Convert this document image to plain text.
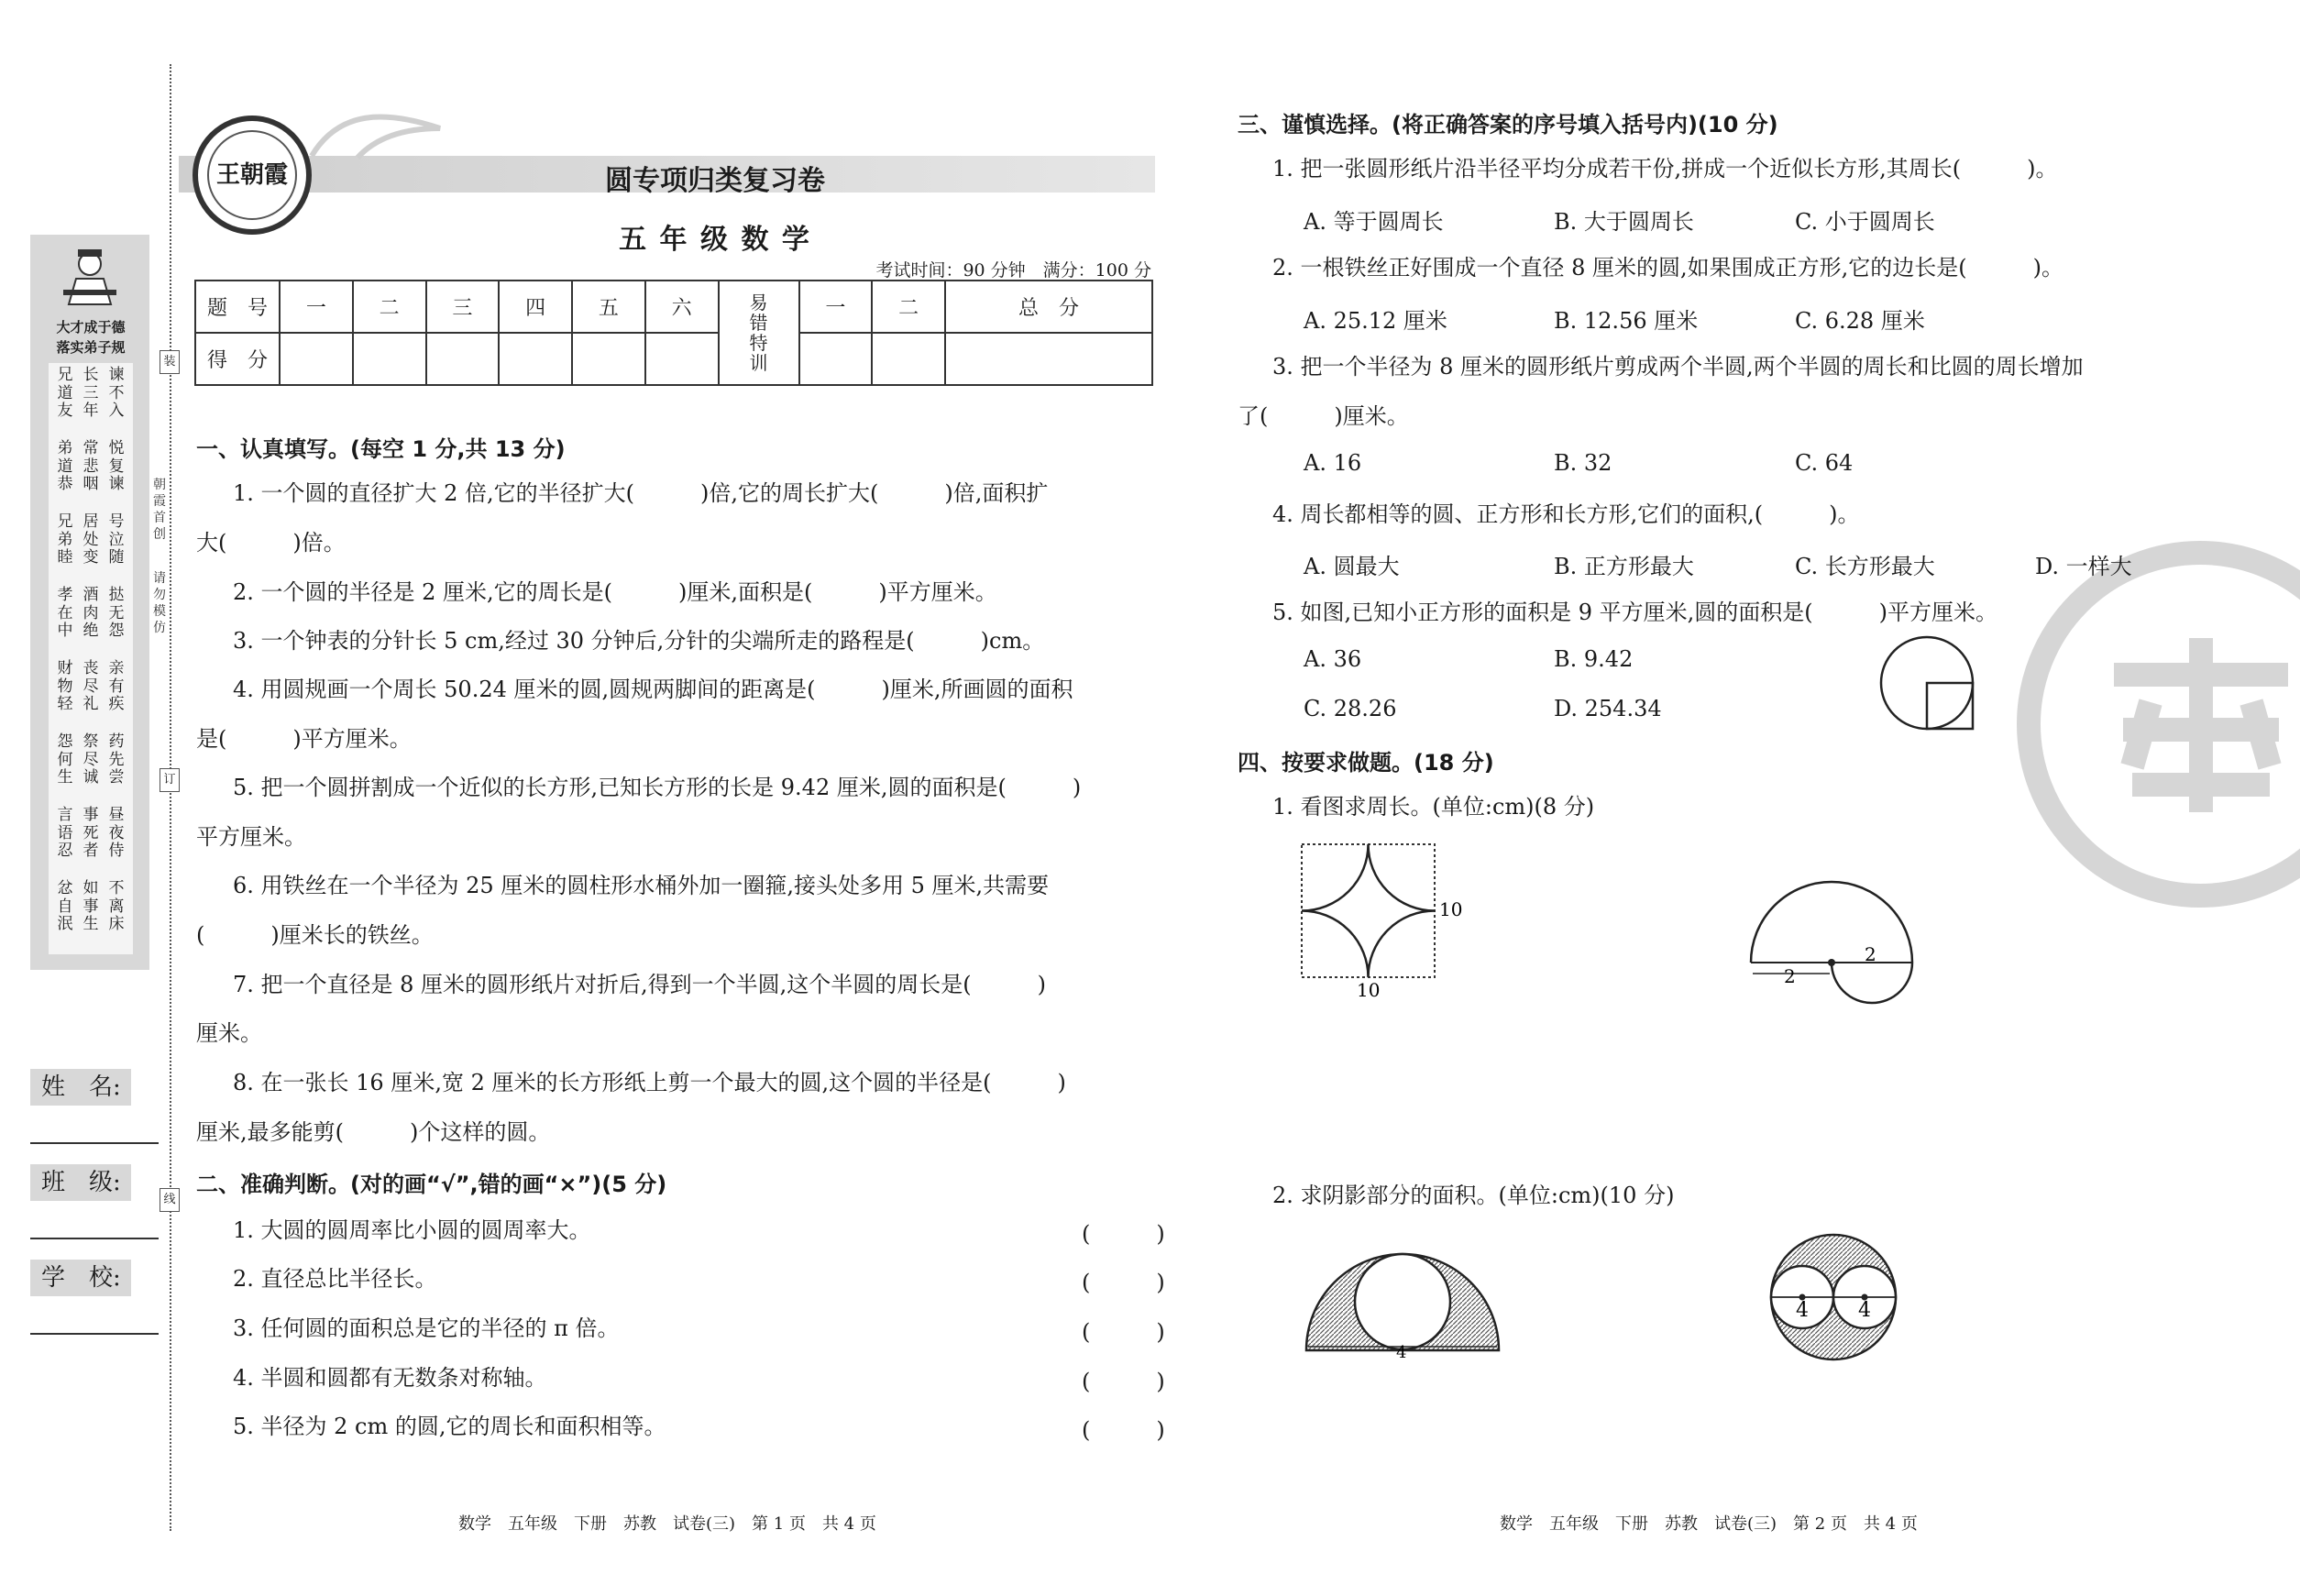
大才成于德
落实弟子规
兄道友
长三年
谏不入
弟道恭
常悲咽
悦复谏
兄弟睦
居处变
号泣随
孝在中
酒肉绝
挞无怨
财物轻
丧尽礼
亲有疾
怨何生
祭尽诚
药先尝
言语忍
事死者
昼夜侍
忿自泯
如事生
不离床
装
订
线
朝霞首创
请勿模仿
姓　名:
班　级:
学　校:
王朝霞	圆专项归类复习卷
五 年 级 数 学
考试时间：90 分钟　满分：100 分
题　号	一	二	三	四	五	六	易错特训	一	二	总　分
得　分										
一、认真填写。(每空 1 分,共 13 分)
1. 一个圆的直径扩大 2 倍,它的半径扩大(　　　)倍,它的周长扩大(　　　)倍,面积扩
大(　　　)倍。
2. 一个圆的半径是 2 厘米,它的周长是(　　　)厘米,面积是(　　　)平方厘米。
3. 一个钟表的分针长 5 cm,经过 30 分钟后,分针的尖端所走的路程是(　　　)cm。
4. 用圆规画一个周长 50.24 厘米的圆,圆规两脚间的距离是(　　　)厘米,所画圆的面积
是(　　　)平方厘米。
5. 把一个圆拼割成一个近似的长方形,已知长方形的长是 9.42 厘米,圆的面积是(　　　)
平方厘米。
6. 用铁丝在一个半径为 25 厘米的圆柱形水桶外加一圈箍,接头处多用 5 厘米,共需要
(　　　)厘米长的铁丝。
7. 把一个直径是 8 厘米的圆形纸片对折后,得到一个半圆,这个半圆的周长是(　　　)
厘米。
8. 在一张长 16 厘米,宽 2 厘米的长方形纸上剪一个最大的圆,这个圆的半径是(　　　)
厘米,最多能剪(　　　)个这样的圆。
二、准确判断。(对的画“√”,错的画“×”)(5 分)
1. 大圆的圆周率比小圆的圆周率大。	(　　　)
2. 直径总比半径长。	(　　　)
3. 任何圆的面积总是它的半径的 π 倍。	(　　　)
4. 半圆和圆都有无数条对称轴。	(　　　)
5. 半径为 2 cm 的圆,它的周长和面积相等。	(　　　)
数学　五年级　下册　苏教　试卷(三)　第 1 页　共 4 页
三、谨慎选择。(将正确答案的序号填入括号内)(10 分)
1. 把一张圆形纸片沿半径平均分成若干份,拼成一个近似长方形,其周长(　　　)。
A. 等于圆周长	B. 大于圆周长	C. 小于圆周长
2. 一根铁丝正好围成一个直径 8 厘米的圆,如果围成正方形,它的边长是(　　　)。
A. 25.12 厘米	B. 12.56 厘米	C. 6.28 厘米
3. 把一个半径为 8 厘米的圆形纸片剪成两个半圆,两个半圆的周长和比圆的周长增加
了(　　　)厘米。
A. 16	B. 32	C. 64
4. 周长都相等的圆、正方形和长方形,它们的面积,(　　　)。
A. 圆最大	B. 正方形最大	C. 长方形最大	D. 一样大
5. 如图,已知小正方形的面积是 9 平方厘米,圆的面积是(　　　)平方厘米。
A. 36	B. 9.42
C. 28.26	D. 254.34
四、按要求做题。(18 分)
1. 看图求周长。(单位:cm)(8 分)
10
10
2
2
2. 求阴影部分的面积。(单位:cm)(10 分)
4
4 4
数学　五年级　下册　苏教　试卷(三)　第 2 页　共 4 页
